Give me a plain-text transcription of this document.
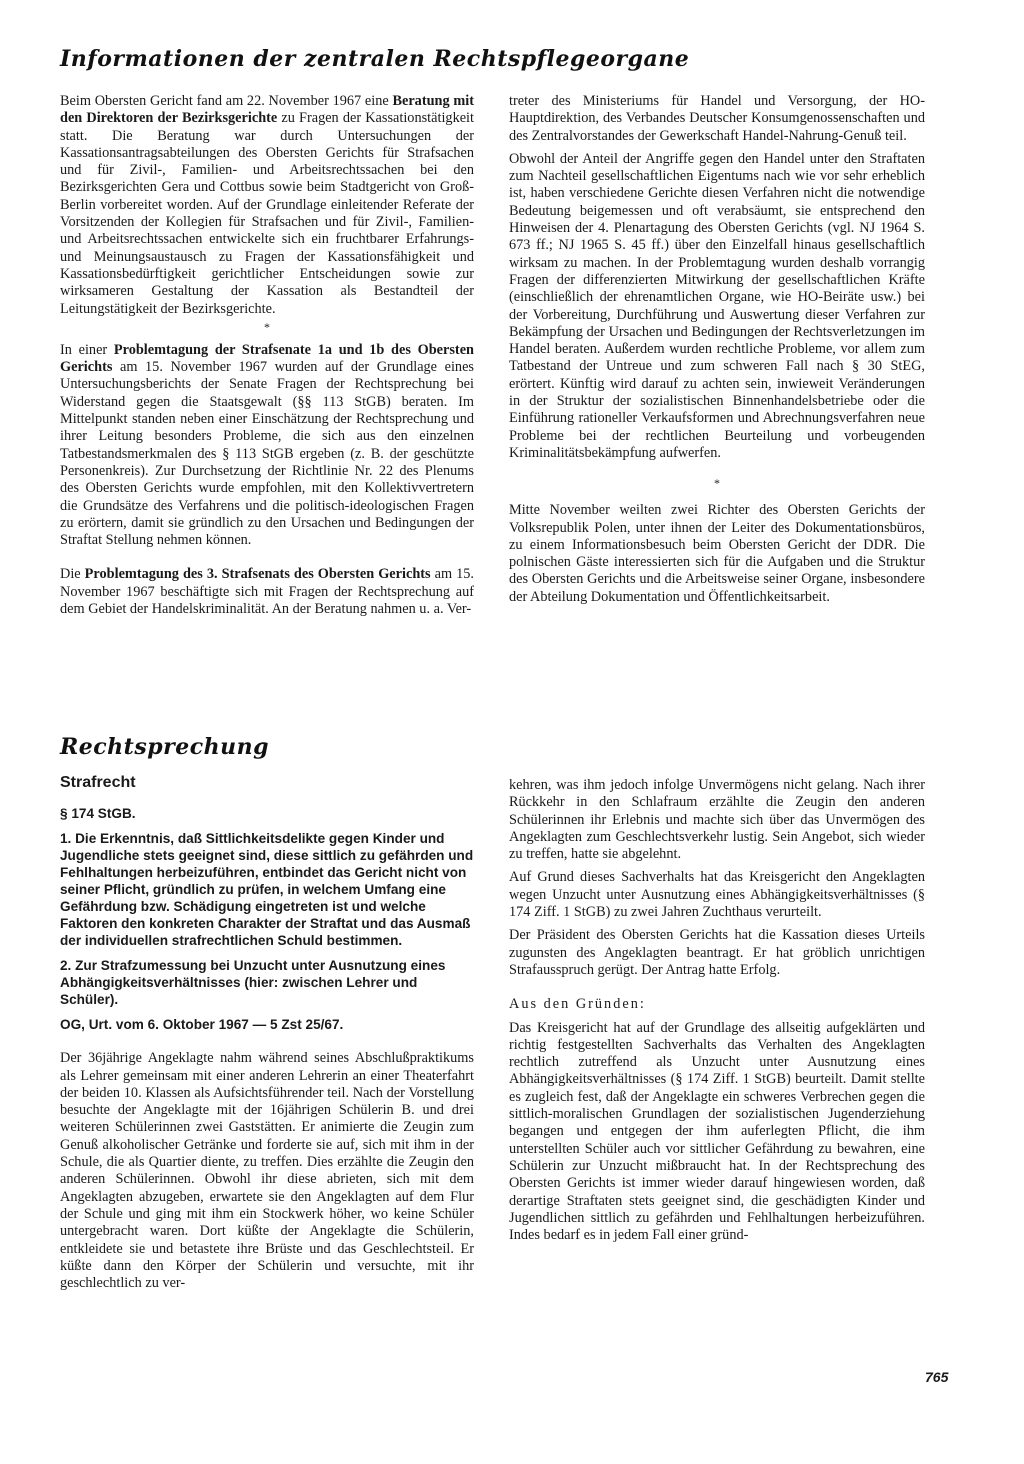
Informationen der zentralen Rechtspflegeorgane

Beim Obersten Gericht fand am 22. November 1967 eine Beratung mit den Direktoren der Bezirksgerichte zu Fragen der Kassationstätigkeit statt. Die Beratung war durch Untersuchungen der Kassationsantragsabteilungen des Obersten Gerichts für Strafsachen und für Zivil-, Familien- und Arbeitsrechtssachen bei den Bezirksgerichten Gera und Cottbus sowie beim Stadtgericht von Groß-Berlin vorbereitet worden. Auf der Grundlage einleitender Referate der Vorsitzenden der Kollegien für Strafsachen und für Zivil-, Familien- und Arbeitsrechtssachen entwickelte sich ein fruchtbarer Erfahrungs- und Meinungsaustausch zu Fragen der Kassationsfähigkeit und Kassationsbedürftigkeit gerichtlicher Entscheidungen sowie zur wirksameren Gestaltung der Kassation als Bestandteil der Leitungstätigkeit der Bezirksgerichte.

*

In einer Problemtagung der Strafsenate 1a und 1b des Obersten Gerichts am 15. November 1967 wurden auf der Grundlage eines Untersuchungsberichts der Senate Fragen der Rechtsprechung bei Widerstand gegen die Staatsgewalt (§§ 113 StGB) beraten. Im Mittelpunkt standen neben einer Einschätzung der Rechtsprechung und ihrer Leitung besonders Probleme, die sich aus den einzelnen Tatbestandsmerkmalen des § 113 StGB ergeben (z. B. der geschützte Personenkreis). Zur Durchsetzung der Richtlinie Nr. 22 des Plenums des Obersten Gerichts wurde empfohlen, mit den Kollektivvertretern die Grundsätze des Verfahrens und die politisch-ideologischen Fragen zu erörtern, damit sie gründlich zu den Ursachen und Bedingungen der Straftat Stellung nehmen können.

Die Problemtagung des 3. Strafsenats des Obersten Gerichts am 15. November 1967 beschäftigte sich mit Fragen der Rechtsprechung auf dem Gebiet der Handelskriminalität. An der Beratung nahmen u. a. Ver-

treter des Ministeriums für Handel und Versorgung, der HO-Hauptdirektion, des Verbandes Deutscher Konsumgenossenschaften und des Zentralvorstandes der Gewerkschaft Handel-Nahrung-Genuß teil.

Obwohl der Anteil der Angriffe gegen den Handel unter den Straftaten zum Nachteil gesellschaftlichen Eigentums nach wie vor sehr erheblich ist, haben verschiedene Gerichte diesen Verfahren nicht die notwendige Bedeutung beigemessen und oft verabsäumt, sie entsprechend den Hinweisen der 4. Plenartagung des Obersten Gerichts (vgl. NJ 1964 S. 673 ff.; NJ 1965 S. 45 ff.) über den Einzelfall hinaus gesellschaftlich wirksam zu machen. In der Problemtagung wurden deshalb vorrangig Fragen der differenzierten Mitwirkung der gesellschaftlichen Kräfte (einschließlich der ehrenamtlichen Organe, wie HO-Beiräte usw.) bei der Vorbereitung, Durchführung und Auswertung dieser Verfahren zur Bekämpfung der Ursachen und Bedingungen der Rechtsverletzungen im Handel beraten. Außerdem wurden rechtliche Probleme, vor allem zum Tatbestand der Untreue und zum schweren Fall nach § 30 StEG, erörtert. Künftig wird darauf zu achten sein, inwieweit Veränderungen in der Struktur der sozialistischen Binnenhandelsbetriebe oder die Einführung rationeller Verkaufsformen und Abrechnungsverfahren neue Probleme bei der rechtlichen Beurteilung und vorbeugenden Kriminalitätsbekämpfung aufwerfen.

*

Mitte November weilten zwei Richter des Obersten Gerichts der Volksrepublik Polen, unter ihnen der Leiter des Dokumentationsbüros, zu einem Informationsbesuch beim Obersten Gericht der DDR. Die polnischen Gäste interessierten sich für die Aufgaben und die Struktur des Obersten Gerichts und die Arbeitsweise seiner Organe, insbesondere der Abteilung Dokumentation und Öffentlichkeitsarbeit.

Rechtsprechung
Strafrecht

§ 174 StGB.

1. Die Erkenntnis, daß Sittlichkeitsdelikte gegen Kinder und Jugendliche stets geeignet sind, diese sittlich zu gefährden und Fehlhaltungen herbeizuführen, entbindet das Gericht nicht von seiner Pflicht, gründlich zu prüfen, in welchem Umfang eine Gefährdung bzw. Schädigung eingetreten ist und welche Faktoren den konkreten Charakter der Straftat und das Ausmaß der individuellen strafrechtlichen Schuld bestimmen.

2. Zur Strafzumessung bei Unzucht unter Ausnutzung eines Abhängigkeitsverhältnisses (hier: zwischen Lehrer und Schüler).

OG, Urt. vom 6. Oktober 1967 — 5 Zst 25/67.

Der 36jährige Angeklagte nahm während seines Abschlußpraktikums als Lehrer gemeinsam mit einer anderen Lehrerin an einer Theaterfahrt der beiden 10. Klassen als Aufsichtsführender teil. Nach der Vorstellung besuchte der Angeklagte mit der 16jährigen Schülerin B. und drei weiteren Schülerinnen zwei Gaststätten. Er animierte die Zeugin zum Genuß alkoholischer Getränke und forderte sie auf, sich mit ihm in der Schule, die als Quartier diente, zu treffen. Dies erzählte die Zeugin den anderen Schülerinnen. Obwohl ihr diese abrieten, sich mit dem Angeklagten abzugeben, erwartete sie den Angeklagten auf dem Flur der Schule und ging mit ihm ein Stockwerk höher, wo keine Schüler untergebracht waren. Dort küßte der Angeklagte die Schülerin, entkleidete sie und betastete ihre Brüste und das Geschlechtsteil. Er küßte dann den Körper der Schülerin und versuchte, mit ihr geschlechtlich zu ver-

kehren, was ihm jedoch infolge Unvermögens nicht gelang. Nach ihrer Rückkehr in den Schlafraum erzählte die Zeugin den anderen Schülerinnen ihr Erlebnis und machte sich über das Unvermögen des Angeklagten zum Geschlechtsverkehr lustig. Sein Angebot, sich wieder zu treffen, hatte sie abgelehnt.

Auf Grund dieses Sachverhalts hat das Kreisgericht den Angeklagten wegen Unzucht unter Ausnutzung eines Abhängigkeitsverhältnisses (§ 174 Ziff. 1 StGB) zu zwei Jahren Zuchthaus verurteilt.

Der Präsident des Obersten Gerichts hat die Kassation dieses Urteils zugunsten des Angeklagten beantragt. Er hat gröblich unrichtigen Strafausspruch gerügt. Der Antrag hatte Erfolg.

Aus den Gründen:

Das Kreisgericht hat auf der Grundlage des allseitig aufgeklärten und richtig festgestellten Sachverhalts das Verhalten des Angeklagten rechtlich zutreffend als Unzucht unter Ausnutzung eines Abhängigkeitsverhältnisses (§ 174 Ziff. 1 StGB) beurteilt. Damit stellte es zugleich fest, daß der Angeklagte ein schweres Verbrechen gegen die sittlich-moralischen Grundlagen der sozialistischen Jugenderziehung begangen und entgegen der ihm auferlegten Pflicht, die ihm unterstellten Schüler auch vor sittlicher Gefährdung zu bewahren, eine Schülerin zur Unzucht mißbraucht hat. In der Rechtsprechung des Obersten Gerichts ist immer wieder darauf hingewiesen worden, daß derartige Straftaten stets geeignet sind, die geschädigten Kinder und Jugendlichen sittlich zu gefährden und Fehlhaltungen herbeizuführen. Indes bedarf es in jedem Fall einer gründ-

765
